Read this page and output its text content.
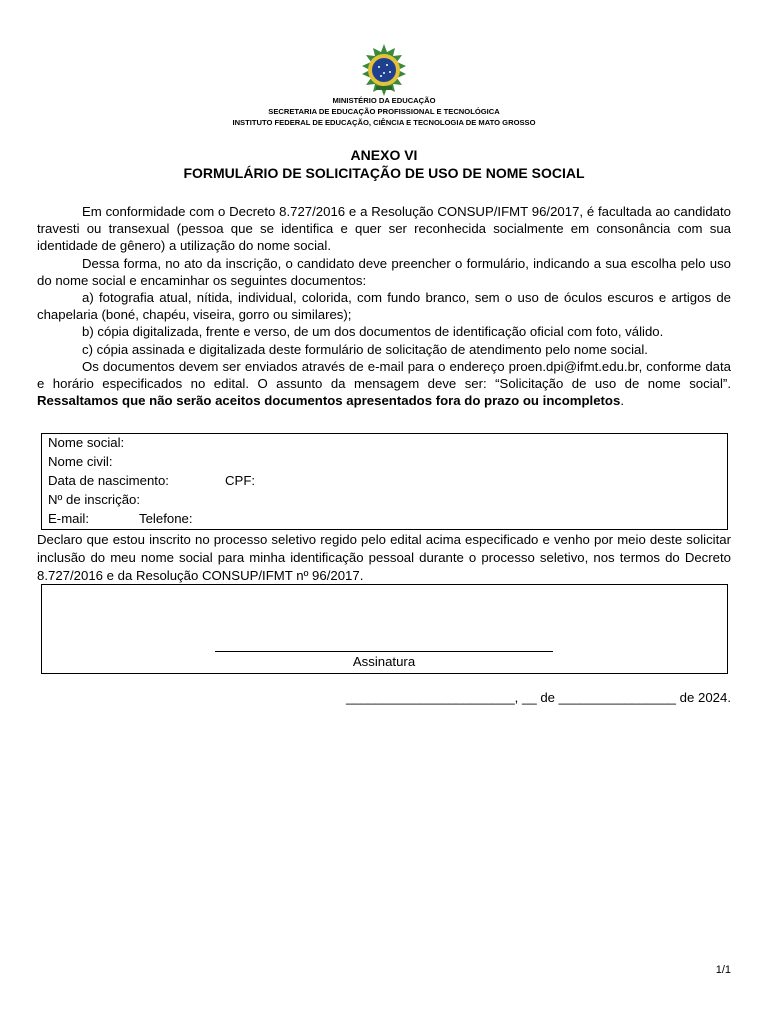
MINISTÉRIO DA EDUCAÇÃO
SECRETARIA DE EDUCAÇÃO PROFISSIONAL E TECNOLÓGICA
INSTITUTO FEDERAL DE EDUCAÇÃO, CIÊNCIA E TECNOLOGIA DE MATO GROSSO
ANEXO VI
FORMULÁRIO DE SOLICITAÇÃO DE USO DE NOME SOCIAL

Em conformidade com o Decreto 8.727/2016 e a Resolução CONSUP/IFMT 96/2017, é facultada ao candidato travesti ou transexual (pessoa que se identifica e quer ser reconhecida socialmente em consonância com sua identidade de gênero) a utilização do nome social.

Dessa forma, no ato da inscrição, o candidato deve preencher o formulário, indicando a sua escolha pelo uso do nome social e encaminhar os seguintes documentos:

a) fotografia atual, nítida, individual, colorida, com fundo branco, sem o uso de óculos escuros e artigos de chapelaria (boné, chapéu, viseira, gorro ou similares);

b) cópia digitalizada, frente e verso, de um dos documentos de identificação oficial com foto, válido.

c) cópia assinada e digitalizada deste formulário de solicitação de atendimento pelo nome social.

Os documentos devem ser enviados através de e-mail para o endereço proen.dpi@ifmt.edu.br, conforme data e horário especificados no edital. O assunto da mensagem deve ser: “Solicitação de uso de nome social”. Ressaltamos que não serão aceitos documentos apresentados fora do prazo ou incompletos.

Nome social:
Nome civil:
Data de nascimento:	CPF:
Nº de inscrição:
E-mail:	Telefone:

Declaro que estou inscrito no processo seletivo regido pelo edital acima especificado e venho por meio deste solicitar inclusão do meu nome social para minha identificação pessoal durante o processo seletivo, nos termos do Decreto 8.727/2016 e da Resolução CONSUP/IFMT nº 96/2017.

Assinatura
_______________________, __ de ________________ de 2024.
1/1
